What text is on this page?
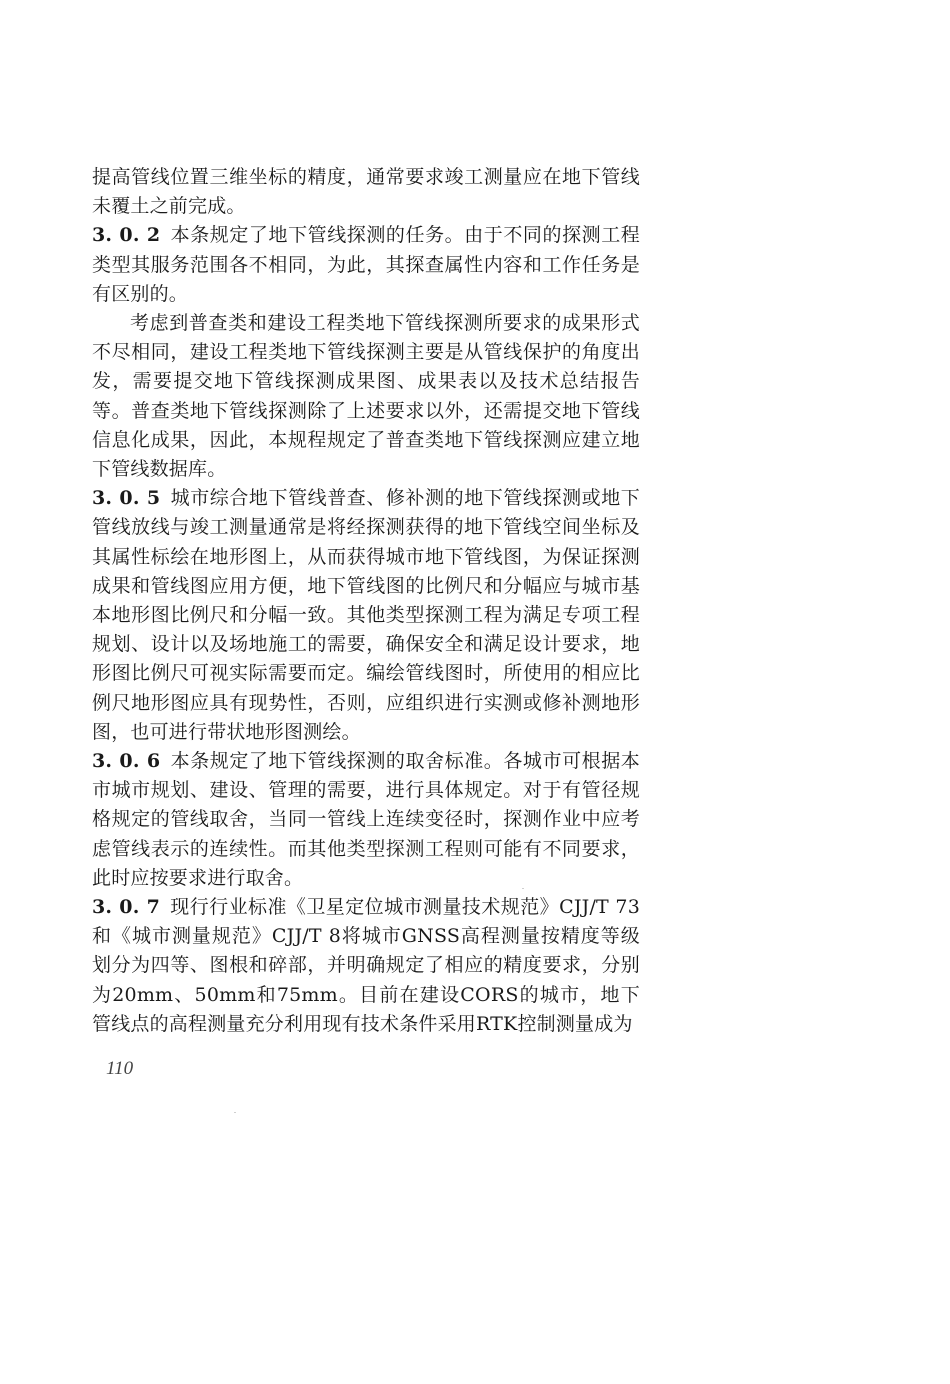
提高管线位置三维坐标的精度，通常要求竣工测量应在地下管线未覆土之前完成。

3. 0. 2 本条规定了地下管线探测的任务。由于不同的探测工程类型其服务范围各不相同，为此，其探查属性内容和工作任务是有区别的。

考虑到普查类和建设工程类地下管线探测所要求的成果形式不尽相同，建设工程类地下管线探测主要是从管线保护的角度出发，需要提交地下管线探测成果图、成果表以及技术总结报告等。普查类地下管线探测除了上述要求以外，还需提交地下管线信息化成果，因此，本规程规定了普查类地下管线探测应建立地下管线数据库。

3. 0. 5 城市综合地下管线普查、修补测的地下管线探测或地下管线放线与竣工测量通常是将经探测获得的地下管线空间坐标及其属性标绘在地形图上，从而获得城市地下管线图，为保证探测成果和管线图应用方便，地下管线图的比例尺和分幅应与城市基本地形图比例尺和分幅一致。其他类型探测工程为满足专项工程规划、设计以及场地施工的需要，确保安全和满足设计要求，地形图比例尺可视实际需要而定。编绘管线图时，所使用的相应比例尺地形图应具有现势性，否则，应组织进行实测或修补测地形图，也可进行带状地形图测绘。

3. 0. 6 本条规定了地下管线探测的取舍标准。各城市可根据本市城市规划、建设、管理的需要，进行具体规定。对于有管径规格规定的管线取舍，当同一管线上连续变径时，探测作业中应考虑管线表示的连续性。而其他类型探测工程则可能有不同要求，此时应按要求进行取舍。

3. 0. 7 现行行业标准《卫星定位城市测量技术规范》CJJ/T 73和《城市测量规范》CJJ/T 8将城市GNSS高程测量按精度等级划分为四等、图根和碎部，并明确规定了相应的精度要求，分别为20mm、50mm和75mm。目前在建设CORS的城市，地下管线点的高程测量充分利用现有技术条件采用RTK控制测量成为

110
